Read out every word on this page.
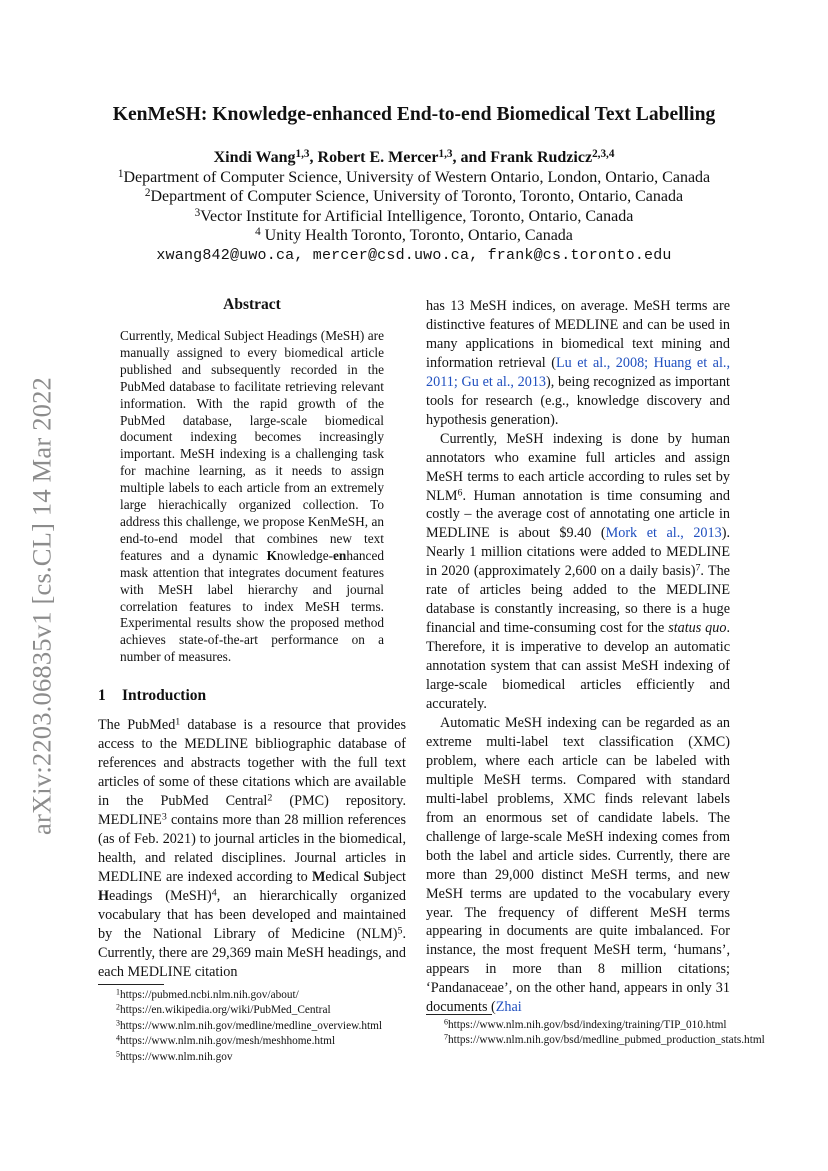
arXiv:2203.06835v1 [cs.CL] 14 Mar 2022
KenMeSH: Knowledge-enhanced End-to-end Biomedical Text Labelling
Xindi Wang$^{1,3}$, Robert E. Mercer$^{1,3}$, and Frank Rudzicz$^{2,3,4}$
$^1$Department of Computer Science, University of Western Ontario, London, Ontario, Canada
$^2$Department of Computer Science, University of Toronto, Toronto, Ontario, Canada
$^3$Vector Institute for Artificial Intelligence, Toronto, Ontario, Canada
$^4$ Unity Health Toronto, Toronto, Ontario, Canada
xwang842@uwo.ca, mercer@csd.uwo.ca, frank@cs.toronto.edu
Abstract

Currently, Medical Subject Headings (MeSH) are manually assigned to every biomedical article published and subsequently recorded in the PubMed database to facilitate retrieving relevant information. With the rapid growth of the PubMed database, large-scale biomedical document indexing becomes increasingly important. MeSH indexing is a challenging task for machine learning, as it needs to assign multiple labels to each article from an extremely large hierachically organized collection. To address this challenge, we propose KenMeSH, an end-to-end model that combines new text features and a dynamic Knowledge-enhanced mask attention that integrates document features with MeSH label hierarchy and journal correlation features to index MeSH terms. Experimental results show the proposed method achieves state-of-the-art performance on a number of measures.

1 Introduction

The PubMed$^1$ database is a resource that provides access to the MEDLINE bibliographic database of references and abstracts together with the full text articles of some of these citations which are available in the PubMed Central$^2$ (PMC) repository. MEDLINE$^3$ contains more than 28 million references (as of Feb. 2021) to journal articles in the biomedical, health, and related disciplines. Journal articles in MEDLINE are indexed according to Medical Subject Headings (MeSH)$^4$, an hierarchically organized vocabulary that has been developed and maintained by the National Library of Medicine (NLM)$^5$. Currently, there are 29,369 main MeSH headings, and each MEDLINE citation

has 13 MeSH indices, on average. MeSH terms are distinctive features of MEDLINE and can be used in many applications in biomedical text mining and information retrieval (Lu et al., 2008; Huang et al., 2011; Gu et al., 2013), being recognized as important tools for research (e.g., knowledge discovery and hypothesis generation).

Currently, MeSH indexing is done by human annotators who examine full articles and assign MeSH terms to each article according to rules set by NLM$^6$. Human annotation is time consuming and costly – the average cost of annotating one article in MEDLINE is about $9.40 (Mork et al., 2013). Nearly 1 million citations were added to MEDLINE in 2020 (approximately 2,600 on a daily basis)$^7$. The rate of articles being added to the MEDLINE database is constantly increasing, so there is a huge financial and time-consuming cost for the status quo. Therefore, it is imperative to develop an automatic annotation system that can assist MeSH indexing of large-scale biomedical articles efficiently and accurately.

Automatic MeSH indexing can be regarded as an extreme multi-label text classification (XMC) problem, where each article can be labeled with multiple MeSH terms. Compared with standard multi-label problems, XMC finds relevant labels from an enormous set of candidate labels. The challenge of large-scale MeSH indexing comes from both the label and article sides. Currently, there are more than 29,000 distinct MeSH terms, and new MeSH terms are updated to the vocabulary every year. The frequency of different MeSH terms appearing in documents are quite imbalanced. For instance, the most frequent MeSH term, ‘humans’, appears in more than 8 million citations; ‘Pandanaceae’, on the other hand, appears in only 31 documents (Zhai

$^1$https://pubmed.ncbi.nlm.nih.gov/about/

$^2$https://en.wikipedia.org/wiki/PubMed_Central

$^3$https://www.nlm.nih.gov/medline/medline_overview.html

$^4$https://www.nlm.nih.gov/mesh/meshhome.html

$^5$https://www.nlm.nih.gov

$^6$https://www.nlm.nih.gov/bsd/indexing/training/TIP_010.html

$^7$https://www.nlm.nih.gov/bsd/medline_pubmed_production_stats.html
